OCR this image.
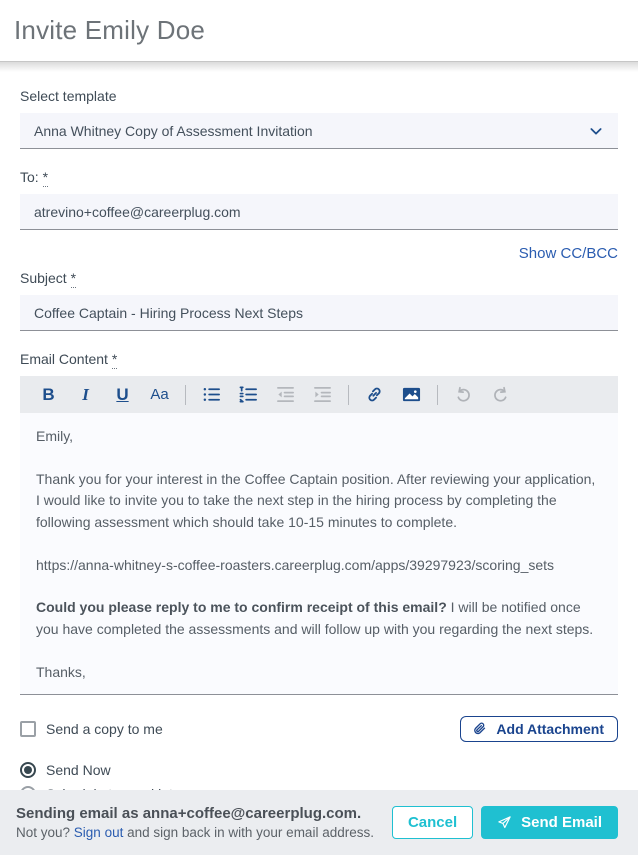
Invite Emily Doe
Select template
Anna Whitney Copy of Assessment Invitation
To: *
atrevino+coffee@careerplug.com
Show CC/BCC
Subject *
Coffee Captain - Hiring Process Next Steps
Email Content *
B	I	U	Aa

Emily,

Thank you for your interest in the Coffee Captain position. After reviewing your application, I would like to invite you to take the next step in the hiring process by completing the following assessment which should take 10-15 minutes to complete.

https://anna-whitney-s-coffee-roasters.careerplug.com/apps/39297923/scoring_sets

Could you please reply to me to confirm receipt of this email? I will be notified once you have completed the assessments and will follow up with you regarding the next steps.

Thanks,

Send a copy to me	Add Attachment
Send Now
Sending email as anna+coffee@careerplug.com.
Not you? Sign out and sign back in with your email address.
Cancel	Send Email
